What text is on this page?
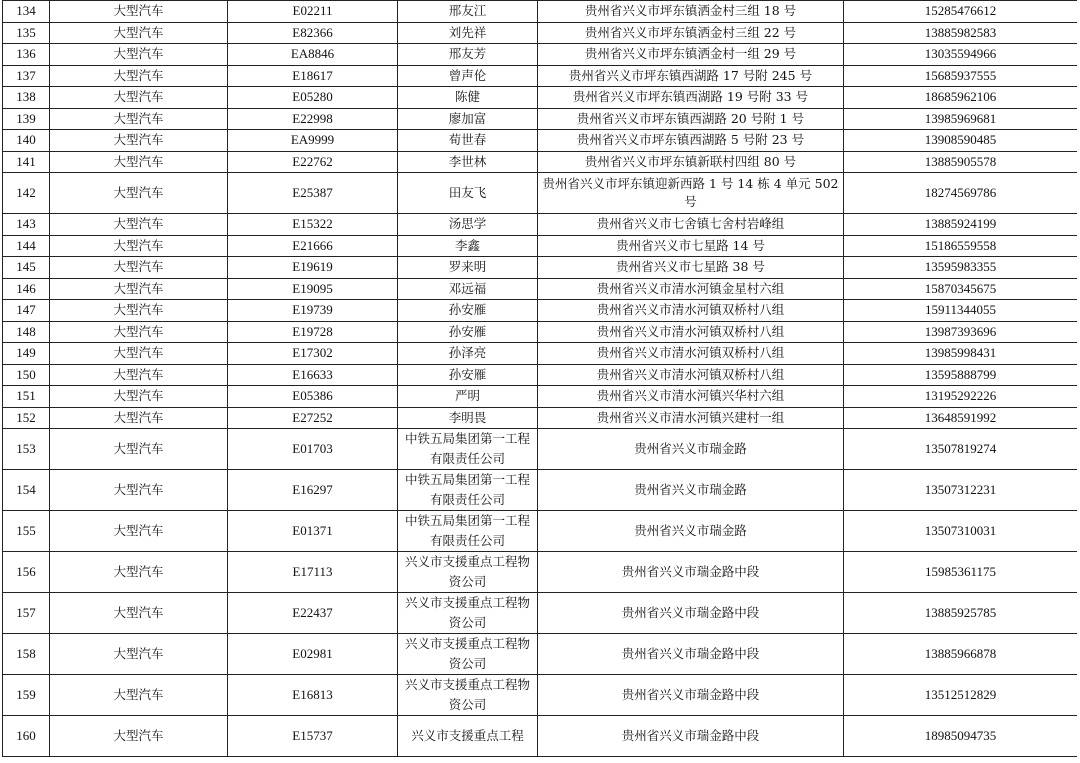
134	大型汽车	E02211	邢友江	贵州省兴义市坪东镇洒金村三组 18 号	15285476612
135	大型汽车	E82366	刘先祥	贵州省兴义市坪东镇洒金村三组 22 号	13885982583
136	大型汽车	EA8846	邢友芳	贵州省兴义市坪东镇洒金村一组 29 号	13035594966
137	大型汽车	E18617	曾声伦	贵州省兴义市坪东镇西湖路 17 号附 245 号	15685937555
138	大型汽车	E05280	陈健	贵州省兴义市坪东镇西湖路 19 号附 33 号	18685962106
139	大型汽车	E22998	廖加富	贵州省兴义市坪东镇西湖路 20 号附 1 号	13985969681
140	大型汽车	EA9999	荀世春	贵州省兴义市坪东镇西湖路 5 号附 23 号	13908590485
141	大型汽车	E22762	李世林	贵州省兴义市坪东镇新联村四组 80 号	13885905578
142	大型汽车	E25387	田友飞	贵州省兴义市坪东镇迎新西路 1 号 14 栋 4 单元 502 号	18274569786
143	大型汽车	E15322	汤思学	贵州省兴义市七舍镇七舍村岩峰组	13885924199
144	大型汽车	E21666	李鑫	贵州省兴义市七星路 14 号	15186559558
145	大型汽车	E19619	罗来明	贵州省兴义市七星路 38 号	13595983355
146	大型汽车	E19095	邓远福	贵州省兴义市清水河镇金星村六组	15870345675
147	大型汽车	E19739	孙安雁	贵州省兴义市清水河镇双桥村八组	15911344055
148	大型汽车	E19728	孙安雁	贵州省兴义市清水河镇双桥村八组	13987393696
149	大型汽车	E17302	孙泽亮	贵州省兴义市清水河镇双桥村八组	13985998431
150	大型汽车	E16633	孙安雁	贵州省兴义市清水河镇双桥村八组	13595888799
151	大型汽车	E05386	严明	贵州省兴义市清水河镇兴华村六组	13195292226
152	大型汽车	E27252	李明畏	贵州省兴义市清水河镇兴建村一组	13648591992
153	大型汽车	E01703	中铁五局集团第一工程有限责任公司	贵州省兴义市瑞金路	13507819274
154	大型汽车	E16297	中铁五局集团第一工程有限责任公司	贵州省兴义市瑞金路	13507312231
155	大型汽车	E01371	中铁五局集团第一工程有限责任公司	贵州省兴义市瑞金路	13507310031
156	大型汽车	E17113	兴义市支援重点工程物资公司	贵州省兴义市瑞金路中段	15985361175
157	大型汽车	E22437	兴义市支援重点工程物资公司	贵州省兴义市瑞金路中段	13885925785
158	大型汽车	E02981	兴义市支援重点工程物资公司	贵州省兴义市瑞金路中段	13885966878
159	大型汽车	E16813	兴义市支援重点工程物资公司	贵州省兴义市瑞金路中段	13512512829
160	大型汽车	E15737	兴义市支援重点工程	贵州省兴义市瑞金路中段	18985094735
